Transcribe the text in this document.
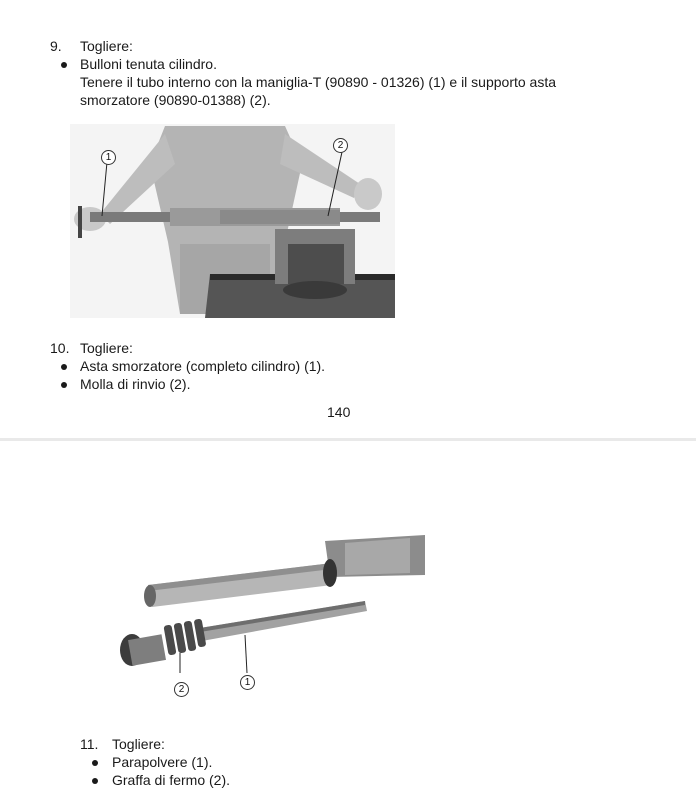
9. Togliere:
Bulloni tenuta cilindro.
Tenere il tubo interno con la maniglia-T (90890 - 01326) (1) e il supporto asta
smorzatore (90890-01388) (2).
1
2
10. Togliere:
Asta smorzatore (completo cilindro) (1).
Molla di rinvio (2).
140
2
1
11. Togliere:
Parapolvere (1).
Graffa di fermo (2).
